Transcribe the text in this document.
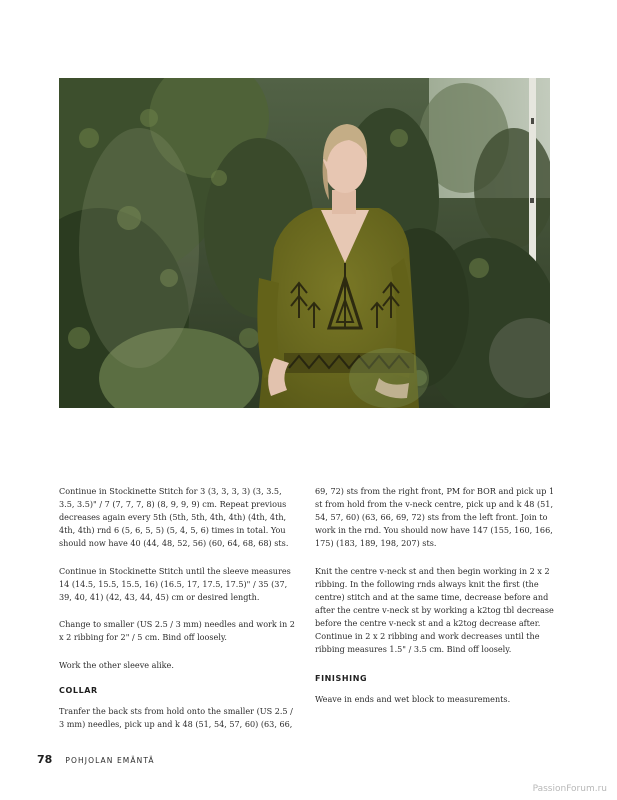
Continue in Stockinette Stitch for 3 (3, 3, 3, 3) (3, 3.5, 3.5, 3.5)" / 7 (7, 7, 7, 8) (8, 9, 9, 9) cm. Repeat previous decreases again every 5th (5th, 5th, 4th, 4th) (4th, 4th, 4th, 4th) rnd 6 (5, 6, 5, 5) (5, 4, 5, 6) times in total. You should now have 40 (44, 48, 52, 56) (60, 64, 68, 68) sts.

Continue in Stockinette Stitch until the sleeve measures 14 (14.5, 15.5, 15.5, 16) (16.5, 17, 17.5, 17.5)" / 35 (37, 39, 40, 41) (42, 43, 44, 45) cm or desired length.

Change to smaller (US 2.5 / 3 mm) needles and work in 2 x 2 ribbing for 2" / 5 cm. Bind off loosely.

Work the other sleeve alike.

COLLAR

Tranfer the back sts from hold onto the smaller (US 2.5 / 3 mm) needles, pick up and k 48 (51, 54, 57, 60) (63, 66,

69, 72) sts from the right front, PM for BOR and pick up 1 st from hold from the v-neck centre, pick up and k 48 (51, 54, 57, 60) (63, 66, 69, 72) sts from the left front. Join to work in the rnd. You should now have 147 (155, 160, 166, 175) (183, 189, 198, 207) sts.

Knit the centre v-neck st and then begin working in 2 x 2 ribbing. In the following rnds always knit the first (the centre) stitch and at the same time, decrease before and after the centre v-neck st by working a k2tog tbl decrease before the centre v-neck st and a k2tog decrease after. Continue in 2 x 2 ribbing and work decreases until the ribbing measures 1.5" / 3.5 cm. Bind off loosely.

FINISHING

Weave in ends and wet block to measurements.

78 POHJOLAN EMÄNTÄ
PassionForum.ru
